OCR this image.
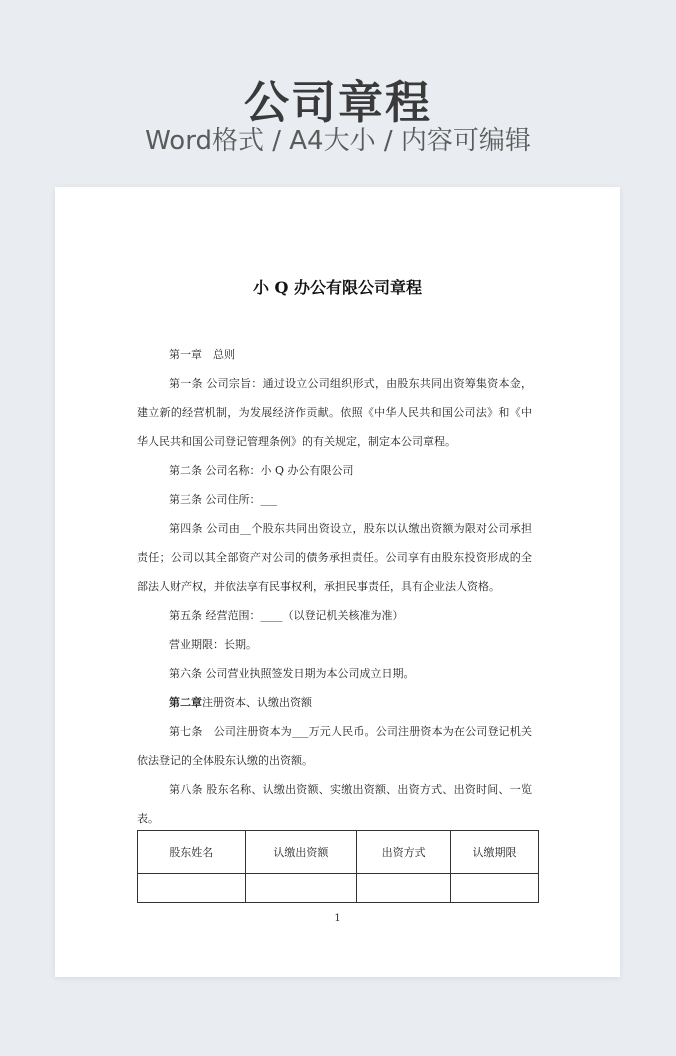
公司章程
Word格式 / A4大小 / 内容可编辑
小 Q 办公有限公司章程
第一章　总则
第一条 公司宗旨：通过设立公司组织形式，由股东共同出资筹集资本金，建立新的经营机制，为发展经济作贡献。依照《中华人民共和国公司法》和《中华人民共和国公司登记管理条例》的有关规定，制定本公司章程。
第二条 公司名称：小 Q 办公有限公司
第三条 公司住所：___
第四条 公司由__个股东共同出资设立，股东以认缴出资额为限对公司承担责任；公司以其全部资产对公司的债务承担责任。公司享有由股东投资形成的全部法人财产权，并依法享有民事权利，承担民事责任，具有企业法人资格。
第五条 经营范围：____（以登记机关核准为准）
营业期限：长期。
第六条 公司营业执照签发日期为本公司成立日期。
第二章注册资本、认缴出资额
第七条　公司注册资本为___万元人民币。公司注册资本为在公司登记机关依法登记的全体股东认缴的出资额。
第八条 股东名称、认缴出资额、实缴出资额、出资方式、出资时间、一览表。
股东姓名	认缴出资额	出资方式	认缴期限

1
